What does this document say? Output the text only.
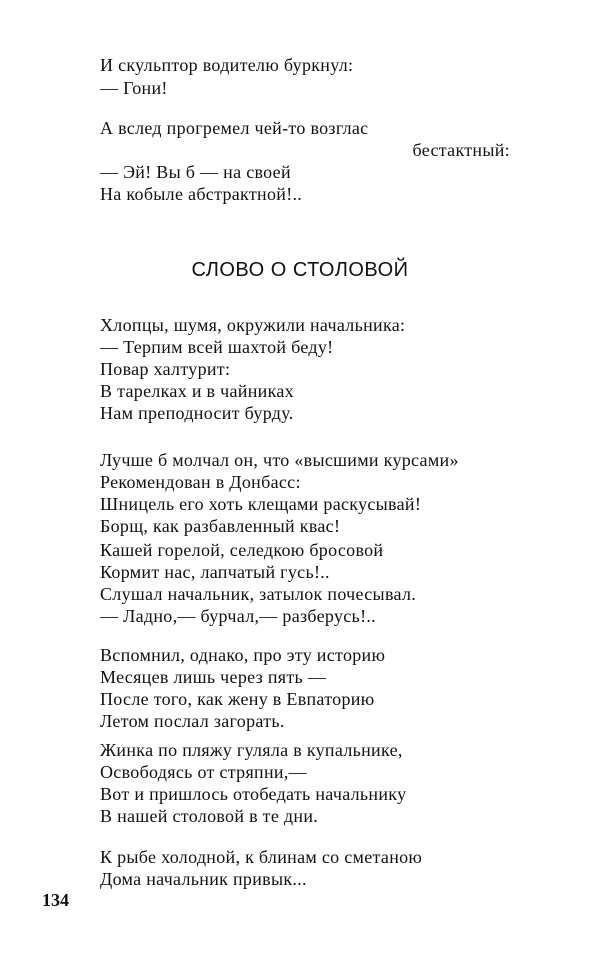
И скульптор водителю буркнул:
— Гони!
А вслед прогремел чей-то возглас
бестактный:
— Эй! Вы б — на своей
На кобыле абстрактной!..
СЛОВО О СТОЛОВОЙ
Хлопцы, шумя, окружили начальника:
— Терпим всей шахтой беду!
Повар халтурит:
В тарелках и в чайниках
Нам преподносит бурду.
Лучше б молчал он, что «высшими курсами»
Рекомендован в Донбасс:
Шницель его хоть клещами раскусывай!
Борщ, как разбавленный квас!
Кашей горелой, селедкою бросовой
Кормит нас, лапчатый гусь!..
Слушал начальник, затылок почесывал.
— Ладно,— бурчал,— разберусь!..
Вспомнил, однако, про эту историю
Месяцев лишь через пять —
После того, как жену в Евпаторию
Летом послал загорать.
Жинка по пляжу гуляла в купальнике,
Освободясь от стряпни,—
Вот и пришлось отобедать начальнику
В нашей столовой в те дни.
К рыбе холодной, к блинам со сметаною
Дома начальник привык...
134
